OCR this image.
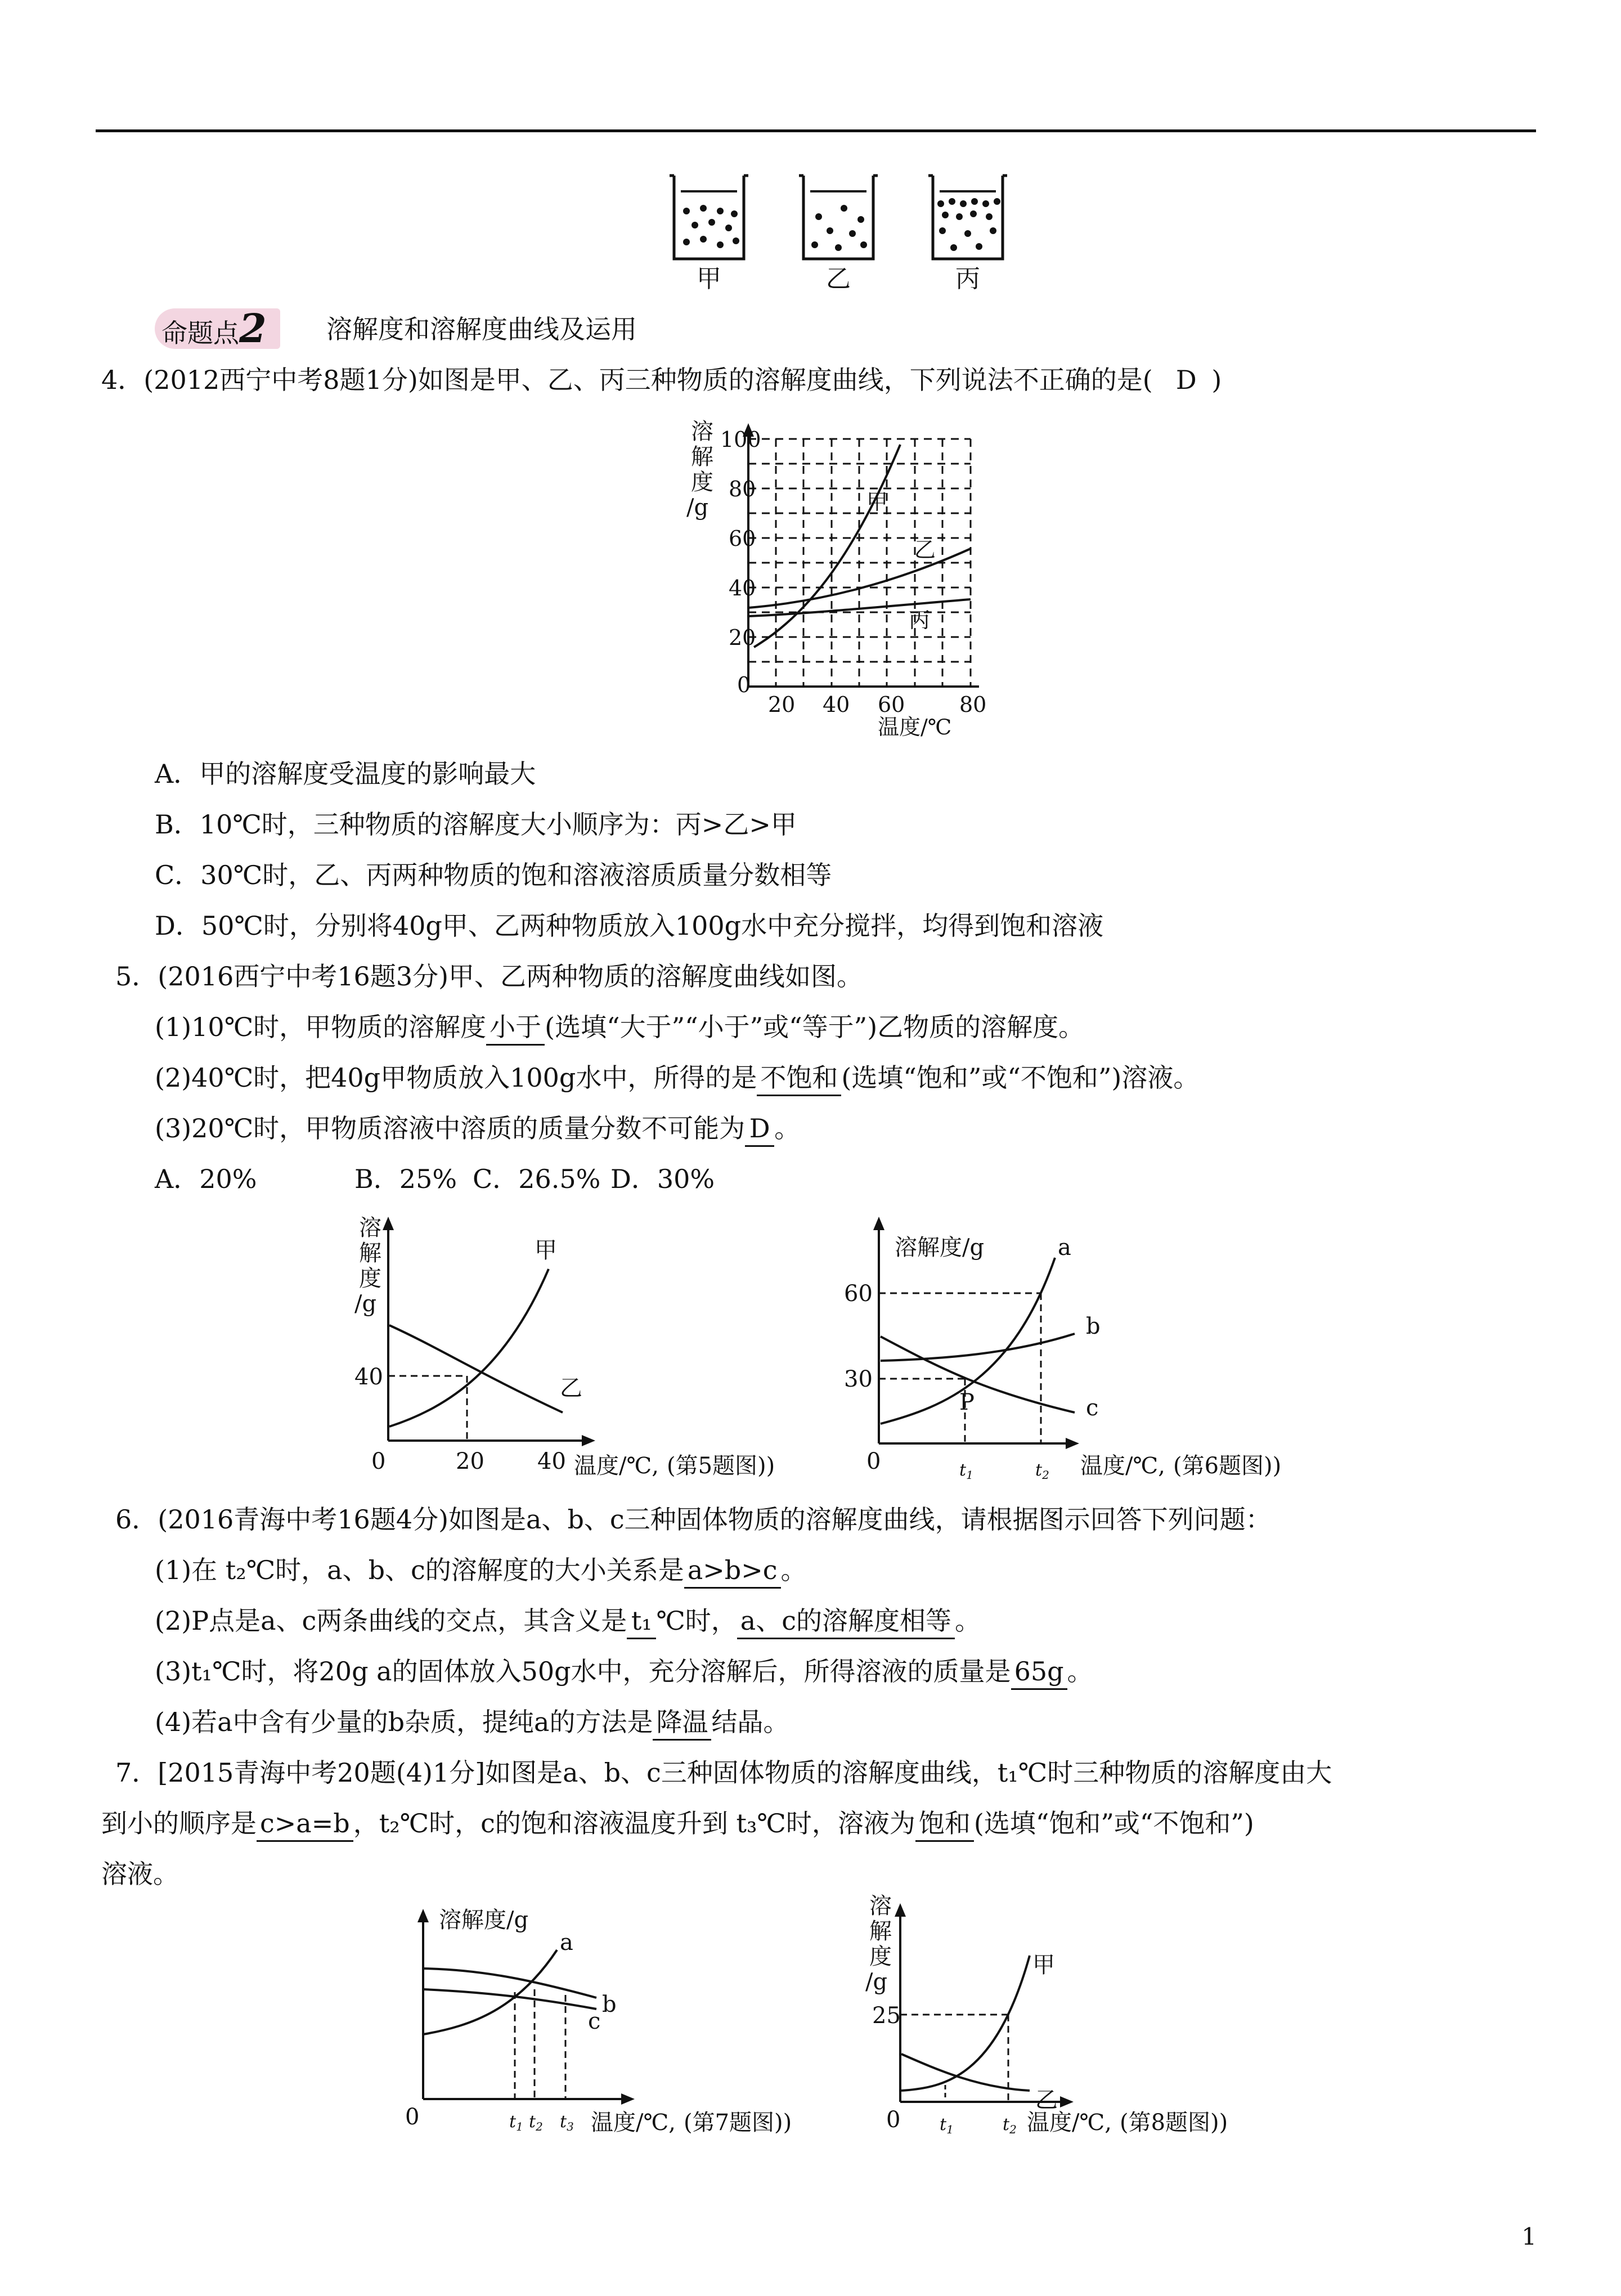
甲	乙	丙
命题点2	溶解度和溶解度曲线及运用
4．(2012西宁中考8题1分)如图是甲、乙、丙三种物质的溶解度曲线，下列说法不正确的是( D )
溶
解
度
/g
100
80
60
40
20
0
20 40 60	80
温度/℃
甲
乙
丙
A．甲的溶解度受温度的影响最大
B．10℃时，三种物质的溶解度大小顺序为：丙>乙>甲
C．30℃时，乙、丙两种物质的饱和溶液溶质质量分数相等
D．50℃时，分别将40g甲、乙两种物质放入100g水中充分搅拌，均得到饱和溶液
5．(2016西宁中考16题3分)甲、乙两种物质的溶解度曲线如图。
(1)10℃时，甲物质的溶解度 小于 (选填“大于”“小于”或“等于”)乙物质的溶解度。
(2)40℃时，把40g甲物质放入100g水中，所得的是 不饱和 (选填“饱和”或“不饱和”)溶液。
(3)20℃时，甲物质溶液中溶质的质量分数不可能为 D 。
A．20%	B．25% C．26.5% D．30%
溶
解
度
/g
40
0	20 40
甲
乙
温度/℃, (第5题图))
溶解度/g
60
30
0
P
a
b
c
温度/℃, (第6题图))
$t_1$	$t_2$
6．(2016青海中考16题4分)如图是a、b、c三种固体物质的溶解度曲线，请根据图示回答下列问题：
(1)在 t₂℃时，a、b、c的溶解度的大小关系是 a>b>c 。
(2)P点是a、c两条曲线的交点，其含义是 t₁ ℃时， a、c的溶解度相等 。
(3)t₁℃时，将20g a的固体放入50g水中，充分溶解后，所得溶液的质量是 65g 。
(4)若a中含有少量的b杂质，提纯a的方法是 降温 结晶。
7．[2015青海中考20题(4)1分]如图是a、b、c三种固体物质的溶解度曲线，t₁℃时三种物质的溶解度由大
到小的顺序是 c>a=b ，t₂℃时，c的饱和溶液温度升到 t₃℃时，溶液为 饱和 (选填“饱和”或“不饱和”)
溶液。
溶解度/g
0
a
b
c
温度/℃, (第7题图))
$t_1$ $t_2$ $t_3$
溶
解
度
/g
25
0
甲
乙
温度/℃, (第8题图))
$t_1$	$t_2$
1
